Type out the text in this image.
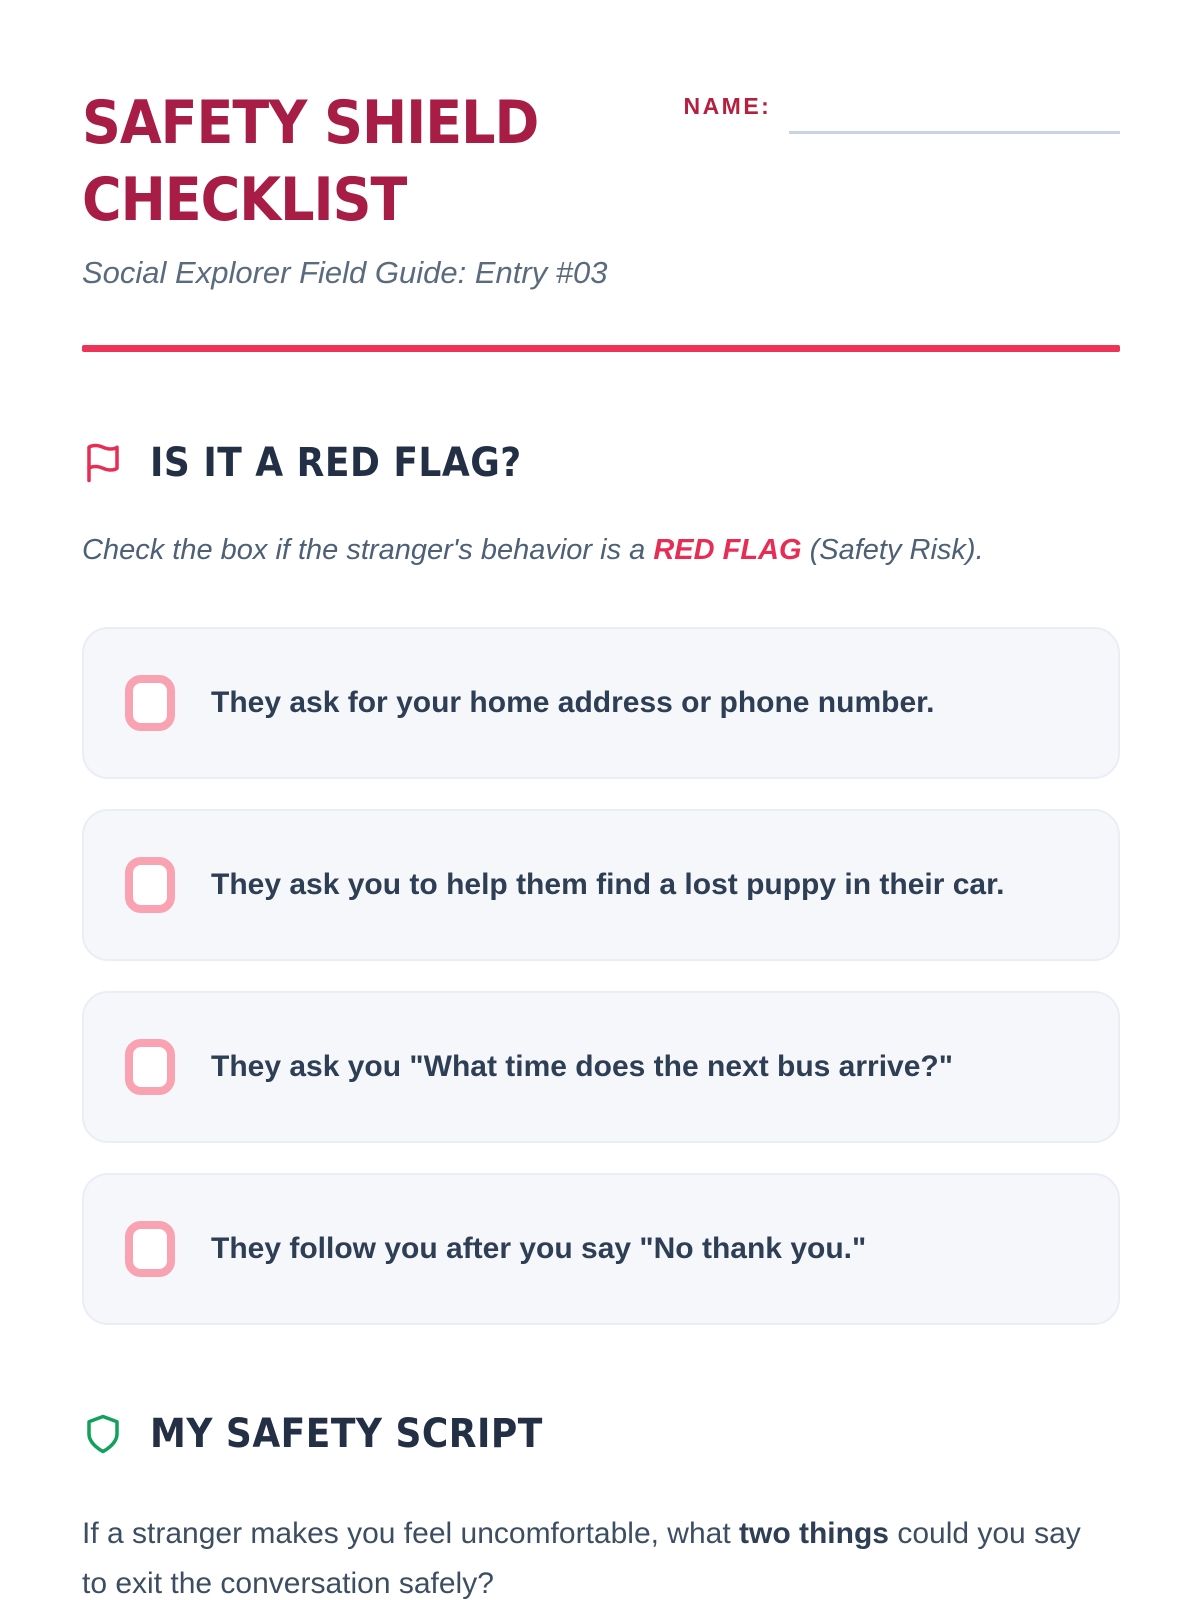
SAFETY SHIELD CHECKLIST
NAME:
Social Explorer Field Guide: Entry #03
IS IT A RED FLAG?
Check the box if the stranger's behavior is a RED FLAG (Safety Risk).
They ask for your home address or phone number.
They ask you to help them find a lost puppy in their car.
They ask you "What time does the next bus arrive?"
They follow you after you say "No thank you."
MY SAFETY SCRIPT
If a stranger makes you feel uncomfortable, what two things could you say to exit the conversation safely?
